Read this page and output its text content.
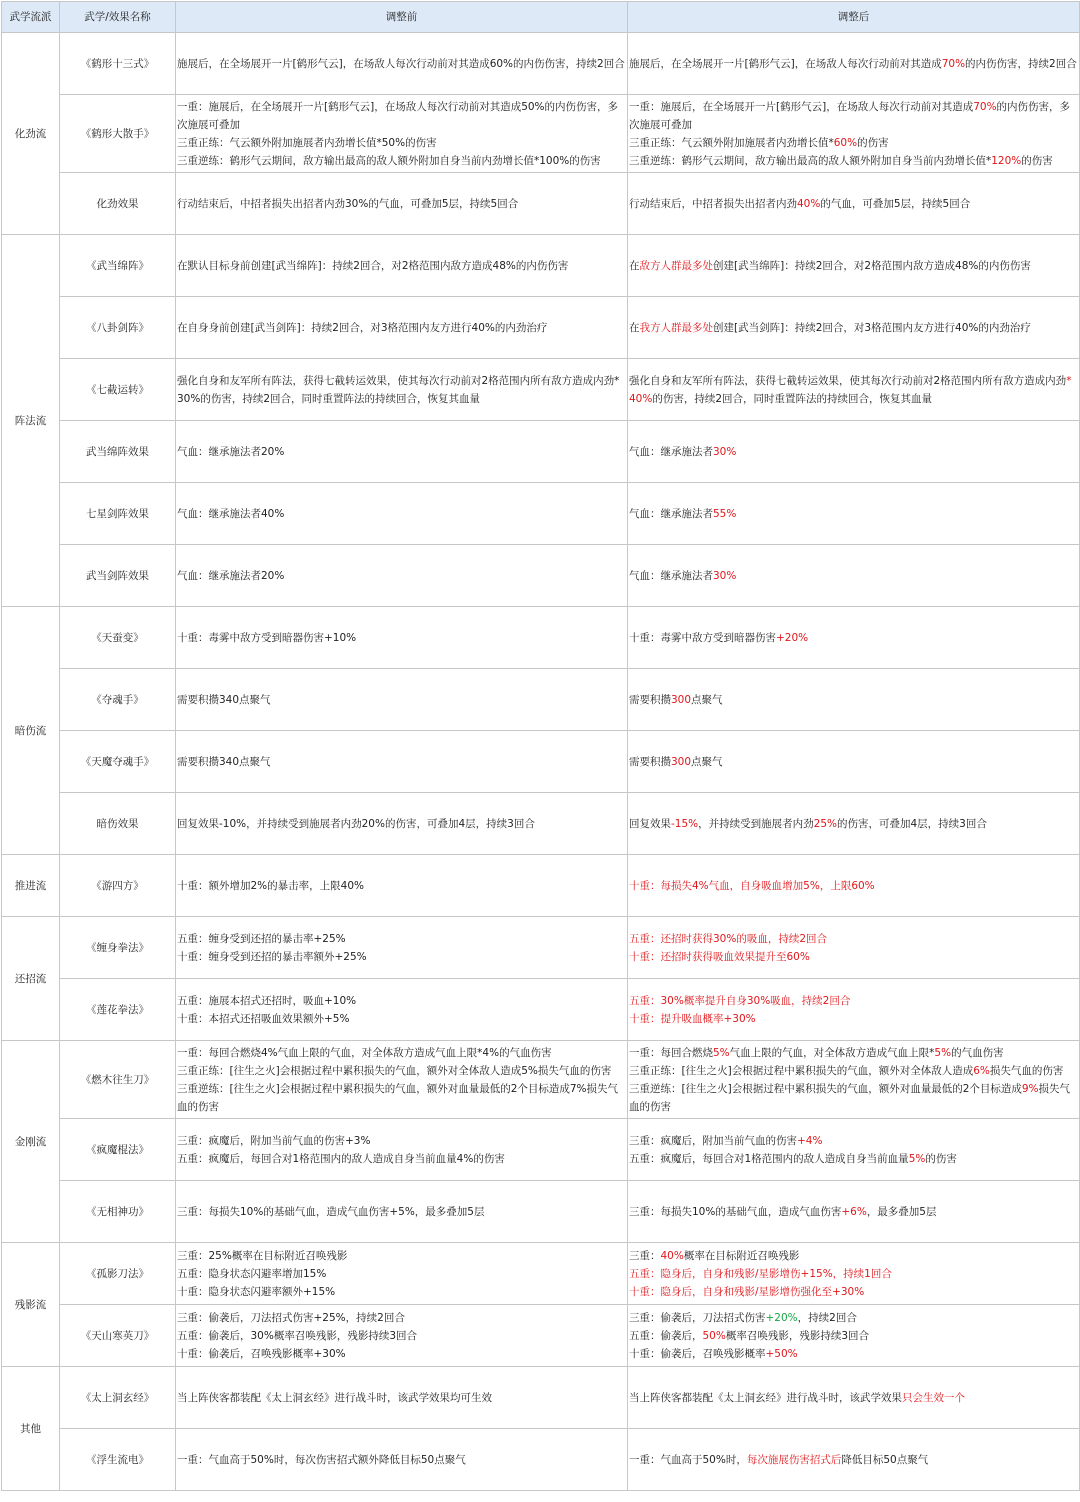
武学流派	武学/效果名称	调整前	调整后
化劲流	《鹤形十三式》	施展后，在全场展开一片[鹤形气云]，在场敌人每次行动前对其造成60%的内伤伤害，持续2回合	施展后，在全场展开一片[鹤形气云]，在场敌人每次行动前对其造成70%的内伤伤害，持续2回合

	《鹤形大散手》	一重：施展后，在全场展开一片[鹤形气云]，在场敌人每次行动前对其造成50%的内伤伤害，多次施展可叠加
三重正练：气云额外附加施展者内劲增长值*50%的伤害
三重逆练：鹤形气云期间，敌方输出最高的敌人额外附加自身当前内劲增长值*100%的伤害	一重：施展后，在全场展开一片[鹤形气云]，在场敌人每次行动前对其造成70%的内伤伤害，多次施展可叠加
三重正练：气云额外附加施展者内劲增长值*60%的伤害
三重逆练：鹤形气云期间，敌方输出最高的敌人额外附加自身当前内劲增长值*120%的伤害

	化劲效果	行动结束后，中招者损失出招者内劲30%的气血，可叠加5层，持续5回合	行动结束后，中招者损失出招者内劲40%的气血，可叠加5层，持续5回合

阵法流	《武当绵阵》	在默认目标身前创建[武当绵阵]：持续2回合，对2格范围内敌方造成48%的内伤伤害	在敌方人群最多处创建[武当绵阵]：持续2回合，对2格范围内敌方造成48%的内伤伤害

	《八卦剑阵》	在自身身前创建[武当剑阵]：持续2回合，对3格范围内友方进行40%的内劲治疗	在我方人群最多处创建[武当剑阵]：持续2回合，对3格范围内友方进行40%的内劲治疗

	《七截运转》	强化自身和友军所有阵法，获得七截转运效果，使其每次行动前对2格范围内所有敌方造成内劲*30%的伤害，持续2回合，同时重置阵法的持续回合，恢复其血量	强化自身和友军所有阵法，获得七截转运效果，使其每次行动前对2格范围内所有敌方造成内劲*40%的伤害，持续2回合，同时重置阵法的持续回合，恢复其血量

	武当绵阵效果	气血：继承施法者20%	气血：继承施法者30%

	七星剑阵效果	气血：继承施法者40%	气血：继承施法者55%

	武当剑阵效果	气血：继承施法者20%	气血：继承施法者30%

暗伤流	《天蚕变》	十重：毒雾中敌方受到暗器伤害+10%	十重：毒雾中敌方受到暗器伤害+20%

	《夺魂手》	需要积攒340点聚气	需要积攒300点聚气

	《天魔夺魂手》	需要积攒340点聚气	需要积攒300点聚气

	暗伤效果	回复效果-10%，并持续受到施展者内劲20%的伤害，可叠加4层，持续3回合	回复效果-15%，并持续受到施展者内劲25%的伤害，可叠加4层，持续3回合

推进流	《游四方》	十重：额外增加2%的暴击率，上限40%	十重：每损失4%气血，自身吸血增加5%，上限60%

还招流	《缠身拳法》	五重：缠身受到还招的暴击率+25%
十重：缠身受到还招的暴击率额外+25%	五重：还招时获得30%的吸血，持续2回合
十重：还招时获得吸血效果提升至60%

	《莲花拳法》	五重：施展本招式还招时，吸血+10%
十重：本招式还招吸血效果额外+5%	五重：30%概率提升自身30%吸血，持续2回合
十重：提升吸血概率+30%

金刚流	《燃木往生刀》	一重：每回合燃烧4%气血上限的气血，对全体敌方造成气血上限*4%的气血伤害
三重正练：[往生之火]会根据过程中累积损失的气血，额外对全体敌人造成5%损失气血的伤害
三重逆练：[往生之火]会根据过程中累积损失的气血，额外对血量最低的2个目标造成7%损失气血的伤害	一重：每回合燃烧5%气血上限的气血，对全体敌方造成气血上限*5%的气血伤害
三重正练：[往生之火]会根据过程中累积损失的气血，额外对全体敌人造成6%损失气血的伤害
三重逆练：[往生之火]会根据过程中累积损失的气血，额外对血量最低的2个目标造成9%损失气血的伤害

	《疯魔棍法》	三重：疯魔后，附加当前气血的伤害+3%
五重：疯魔后，每回合对1格范围内的敌人造成自身当前血量4%的伤害	三重：疯魔后，附加当前气血的伤害+4%
五重：疯魔后，每回合对1格范围内的敌人造成自身当前血量5%的伤害

	《无相神功》	三重：每损失10%的基础气血，造成气血伤害+5%，最多叠加5层	三重：每损失10%的基础气血，造成气血伤害+6%，最多叠加5层

残影流	《孤影刀法》	三重：25%概率在目标附近召唤残影
五重：隐身状态闪避率增加15%
十重：隐身状态闪避率额外+15%	三重：40%概率在目标附近召唤残影
五重：隐身后，自身和残影/星影增伤+15%，持续1回合
十重：隐身后，自身和残影/星影增伤强化至+30%

	《天山寒英刀》	三重：偷袭后，刀法招式伤害+25%，持续2回合
五重：偷袭后，30%概率召唤残影，残影持续3回合
十重：偷袭后，召唤残影概率+30%	三重：偷袭后，刀法招式伤害+20%，持续2回合
五重：偷袭后，50%概率召唤残影，残影持续3回合
十重：偷袭后，召唤残影概率+50%

其他	《太上洞玄经》	当上阵侠客都装配《太上洞玄经》进行战斗时，该武学效果均可生效	当上阵侠客都装配《太上洞玄经》进行战斗时，该武学效果只会生效一个

	《浮生流电》	一重：气血高于50%时，每次伤害招式额外降低目标50点聚气	一重：气血高于50%时，每次施展伤害招式后降低目标50点聚气
